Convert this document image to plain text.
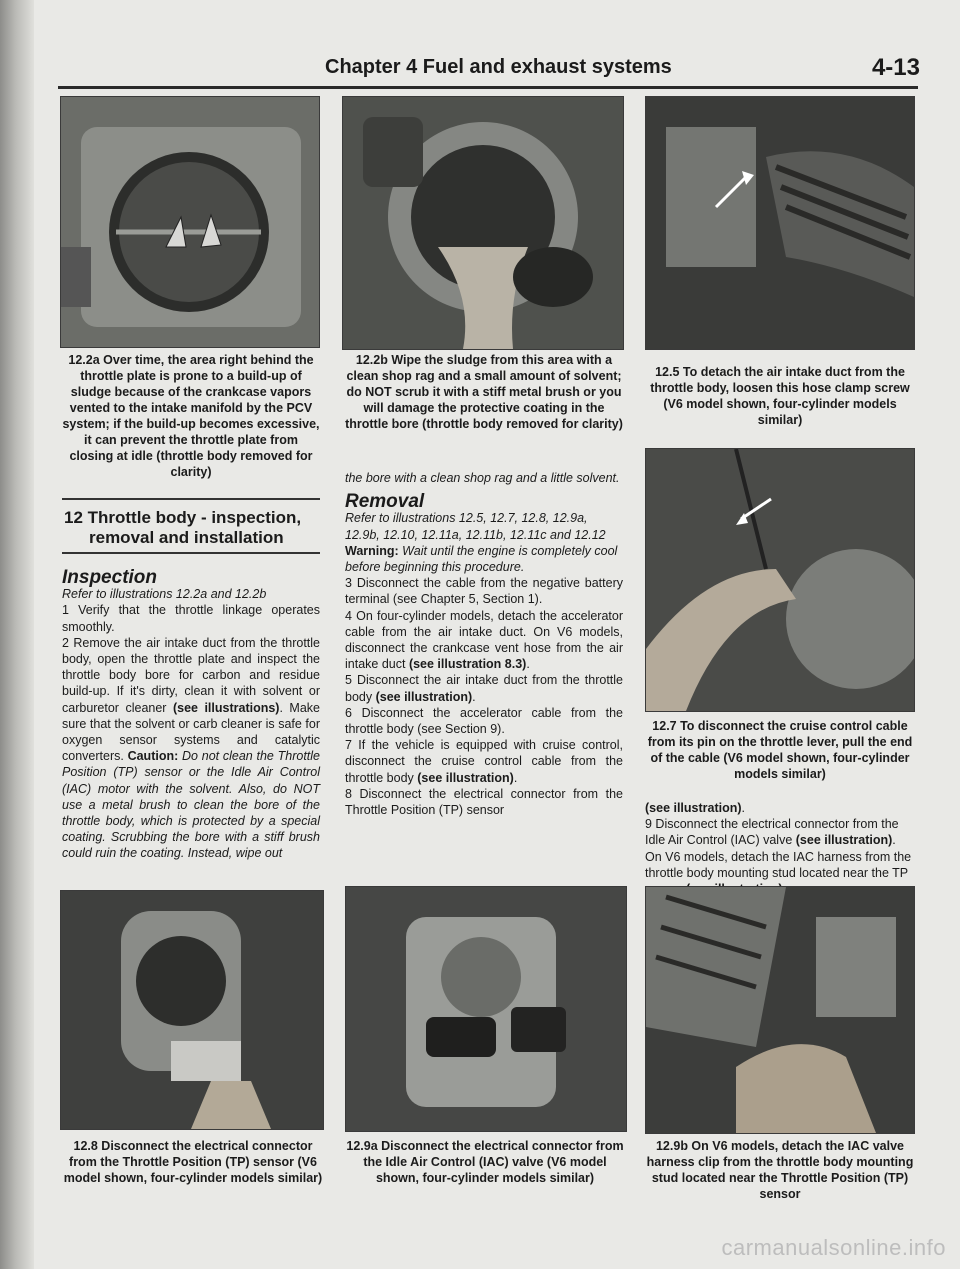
Chapter 4 Fuel and exhaust systems	4-13
12.2a Over time, the area right behind the throttle plate is prone to a build-up of sludge because of the crankcase vapors vented to the intake manifold by the PCV system; if the build-up becomes excessive, it can prevent the throttle plate from closing at idle (throttle body removed for clarity)
12.2b Wipe the sludge from this area with a clean shop rag and a small amount of solvent; do NOT scrub it with a stiff metal brush or you will damage the protective coating in the throttle bore (throttle body removed for clarity)
12.5 To detach the air intake duct from the throttle body, loosen this hose clamp screw (V6 model shown, four-cylinder models similar)
12 Throttle body - inspection,
removal and installation

Inspection

Refer to illustrations 12.2a and 12.2b

1 Verify that the throttle linkage operates smoothly.

2 Remove the air intake duct from the throttle body, open the throttle plate and inspect the throttle body bore for carbon and residue build-up. If it's dirty, clean it with solvent or carburetor cleaner (see illustrations). Make sure that the solvent or carb cleaner is safe for oxygen sensor systems and catalytic converters. Caution: Do not clean the Throttle Position (TP) sensor or the Idle Air Control (IAC) motor with the solvent. Also, do NOT use a metal brush to clean the bore of the throttle body, which is protected by a special coating. Scrubbing the bore with a stiff brush could ruin the coating. Instead, wipe out

the bore with a clean shop rag and a little solvent.

Removal

Refer to illustrations 12.5, 12.7, 12.8, 12.9a, 12.9b, 12.10, 12.11a, 12.11b, 12.11c and 12.12

Warning: Wait until the engine is completely cool before beginning this procedure.

3 Disconnect the cable from the negative battery terminal (see Chapter 5, Section 1).

4 On four-cylinder models, detach the accelerator cable from the air intake duct. On V6 models, disconnect the crankcase vent hose from the air intake duct (see illustration 8.3).

5 Disconnect the air intake duct from the throttle body (see illustration).

6 Disconnect the accelerator cable from the throttle body (see Section 9).

7 If the vehicle is equipped with cruise control, disconnect the cruise control cable from the throttle body (see illustration).

8 Disconnect the electrical connector from the Throttle Position (TP) sensor

12.7 To disconnect the cruise control cable from its pin on the throttle lever, pull the end of the cable (V6 model shown, four-cylinder models similar)

(see illustration).

9 Disconnect the electrical connector from the Idle Air Control (IAC) valve (see illustration). On V6 models, detach the IAC harness from the throttle body mounting stud located near the TP

12.8 Disconnect the electrical connector from the Throttle Position (TP) sensor (V6 model shown, four-cylinder models similar)
12.9a Disconnect the electrical connector from the Idle Air Control (IAC) valve (V6 model shown, four-cylinder models similar)
12.9b On V6 models, detach the IAC valve harness clip from the throttle body mounting stud located near the Throttle Position (TP) sensor
carmanualsonline.info
